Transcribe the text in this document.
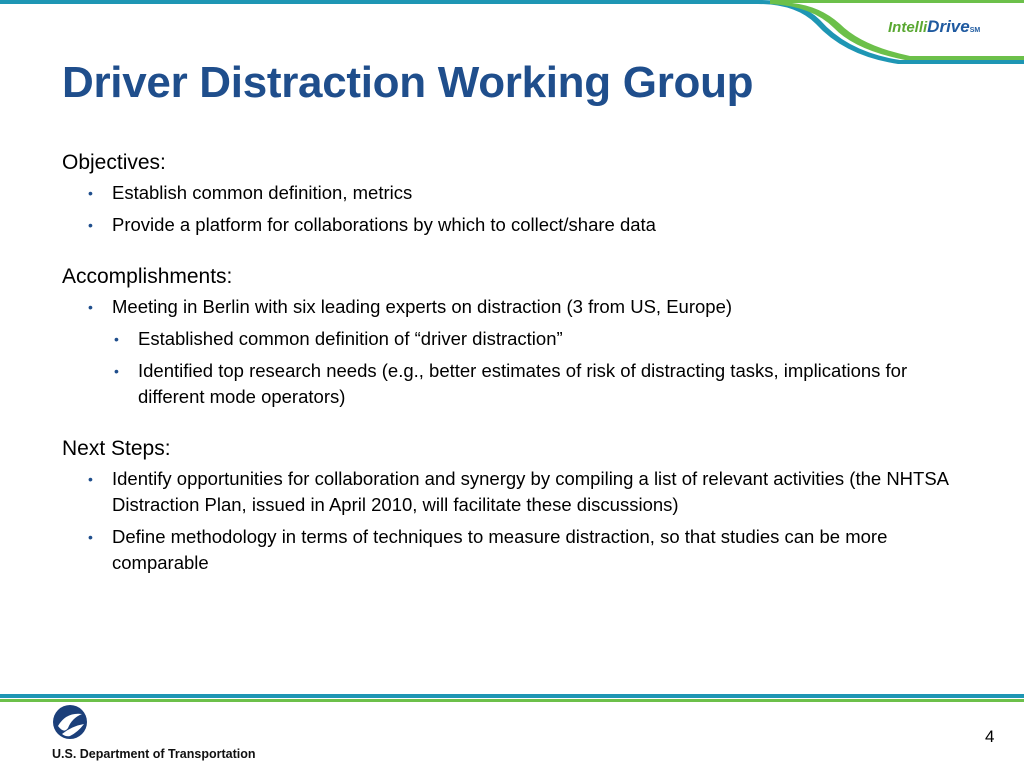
IntelliDriveSM
Driver Distraction Working Group
Objectives:
• Establish common definition, metrics
• Provide a platform for collaborations by which to collect/share data
Accomplishments:
• Meeting in Berlin with six leading experts on distraction (3 from US, Europe)
• Established common definition of “driver distraction”
• Identified top research needs (e.g., better estimates of risk of distracting tasks, implications for different mode operators)
Next Steps:
• Identify opportunities for collaboration and synergy by compiling a list of relevant activities (the NHTSA Distraction Plan, issued in April 2010, will facilitate these discussions)
• Define methodology in terms of techniques to measure distraction, so that studies can be more comparable
U.S. Department of Transportation
4
